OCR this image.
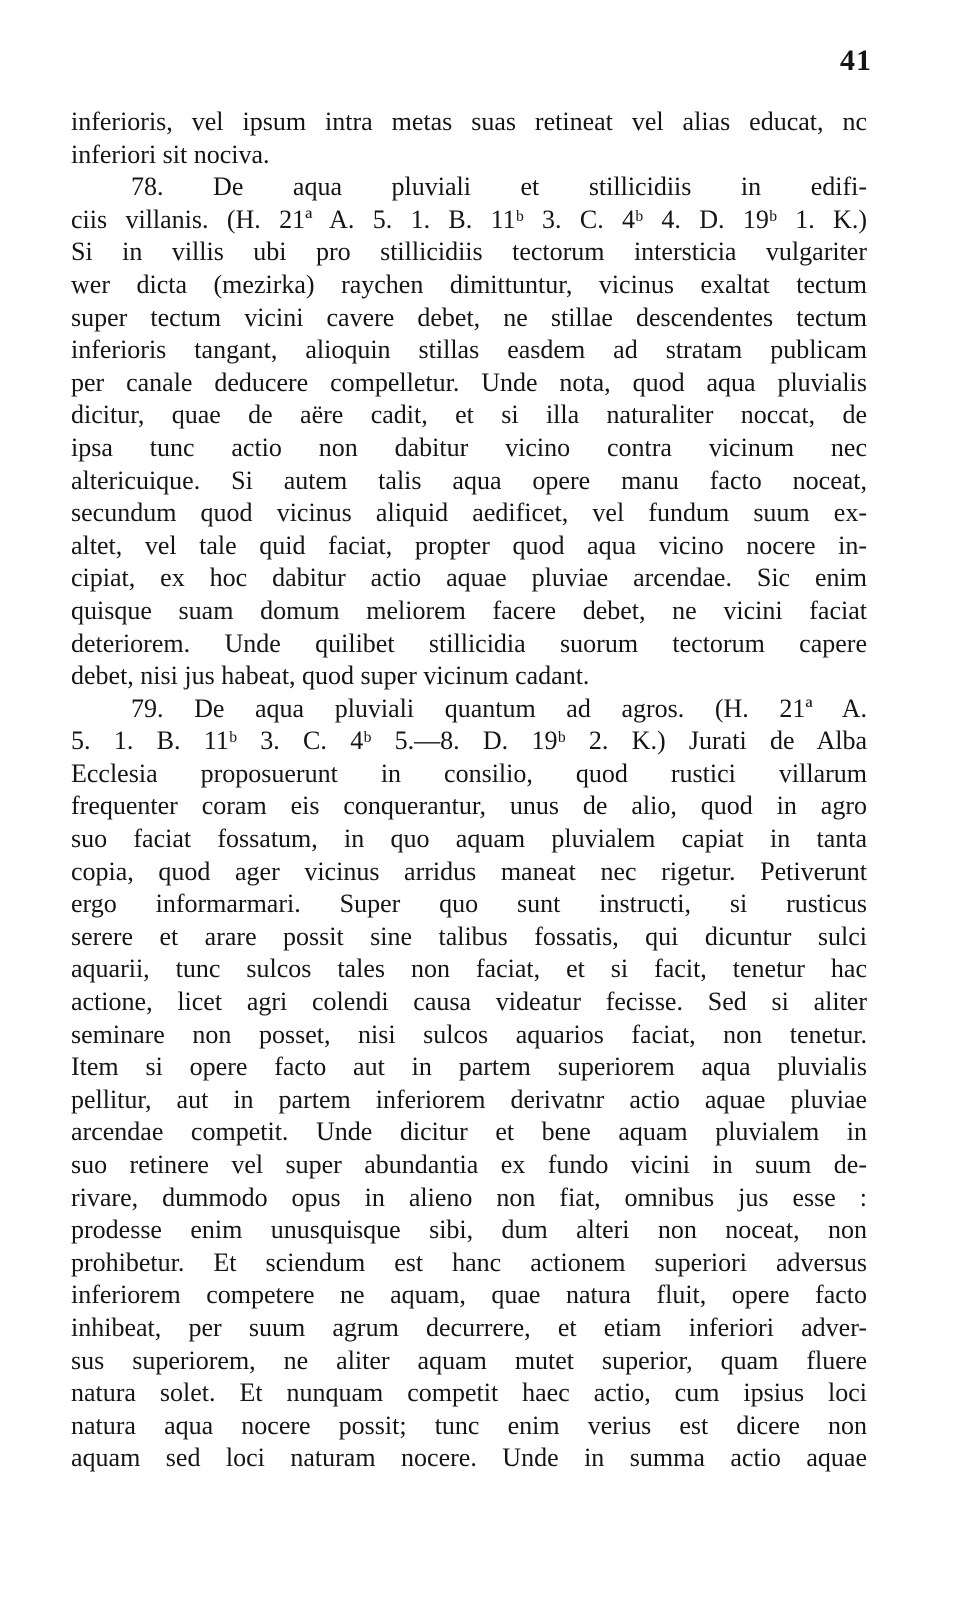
41
inferioris, vel ipsum intra metas suas retineat vel alias educat, nc
inferiori sit nociva.
78. De aqua pluviali et stillicidiis in edifi-
ciis villanis. (H. 21ª A. 5. 1. B. 11ᵇ 3. C. 4ᵇ 4. D. 19ᵇ 1. K.)
Si in villis ubi pro stillicidiis tectorum intersticia vulgariter
wer dicta (mezirka) raychen dimittuntur, vicinus exaltat tectum
super tectum vicini cavere debet, ne stillae descendentes tectum
inferioris tangant, alioquin stillas easdem ad stratam publicam
per canale deducere compelletur. Unde nota, quod aqua pluvialis
dicitur, quae de aëre cadit, et si illa naturaliter noccat, de
ipsa tunc actio non dabitur vicino contra vicinum nec
altericuique. Si autem talis aqua opere manu facto noceat,
secundum quod vicinus aliquid aedificet, vel fundum suum ex-
altet, vel tale quid faciat, propter quod aqua vicino nocere in-
cipiat, ex hoc dabitur actio aquae pluviae arcendae. Sic enim
quisque suam domum meliorem facere debet, ne vicini faciat
deteriorem. Unde quilibet stillicidia suorum tectorum capere
debet, nisi jus habeat, quod super vicinum cadant.
79. De aqua pluviali quantum ad agros. (H. 21ª A.
5. 1. B. 11ᵇ 3. C. 4ᵇ 5.—8. D. 19ᵇ 2. K.) Jurati de Alba
Ecclesia proposuerunt in consilio, quod rustici villarum
frequenter coram eis conquerantur, unus de alio, quod in agro
suo faciat fossatum, in quo aquam pluvialem capiat in tanta
copia, quod ager vicinus arridus maneat nec rigetur. Petiverunt
ergo informarmari. Super quo sunt instructi, si rusticus
serere et arare possit sine talibus fossatis, qui dicuntur sulci
aquarii, tunc sulcos tales non faciat, et si facit, tenetur hac
actione, licet agri colendi causa videatur fecisse. Sed si aliter
seminare non posset, nisi sulcos aquarios faciat, non tenetur.
Item si opere facto aut in partem superiorem aqua pluvialis
pellitur, aut in partem inferiorem derivatnr actio aquae pluviae
arcendae competit. Unde dicitur et bene aquam pluvialem in
suo retinere vel super abundantia ex fundo vicini in suum de-
rivare, dummodo opus in alieno non fiat, omnibus jus esse :
prodesse enim unusquisque sibi, dum alteri non noceat, non
prohibetur. Et sciendum est hanc actionem superiori adversus
inferiorem competere ne aquam, quae natura fluit, opere facto
inhibeat, per suum agrum decurrere, et etiam inferiori adver-
sus superiorem, ne aliter aquam mutet superior, quam fluere
natura solet. Et nunquam competit haec actio, cum ipsius loci
natura aqua nocere possit; tunc enim verius est dicere non
aquam sed loci naturam nocere. Unde in summa actio aquae
